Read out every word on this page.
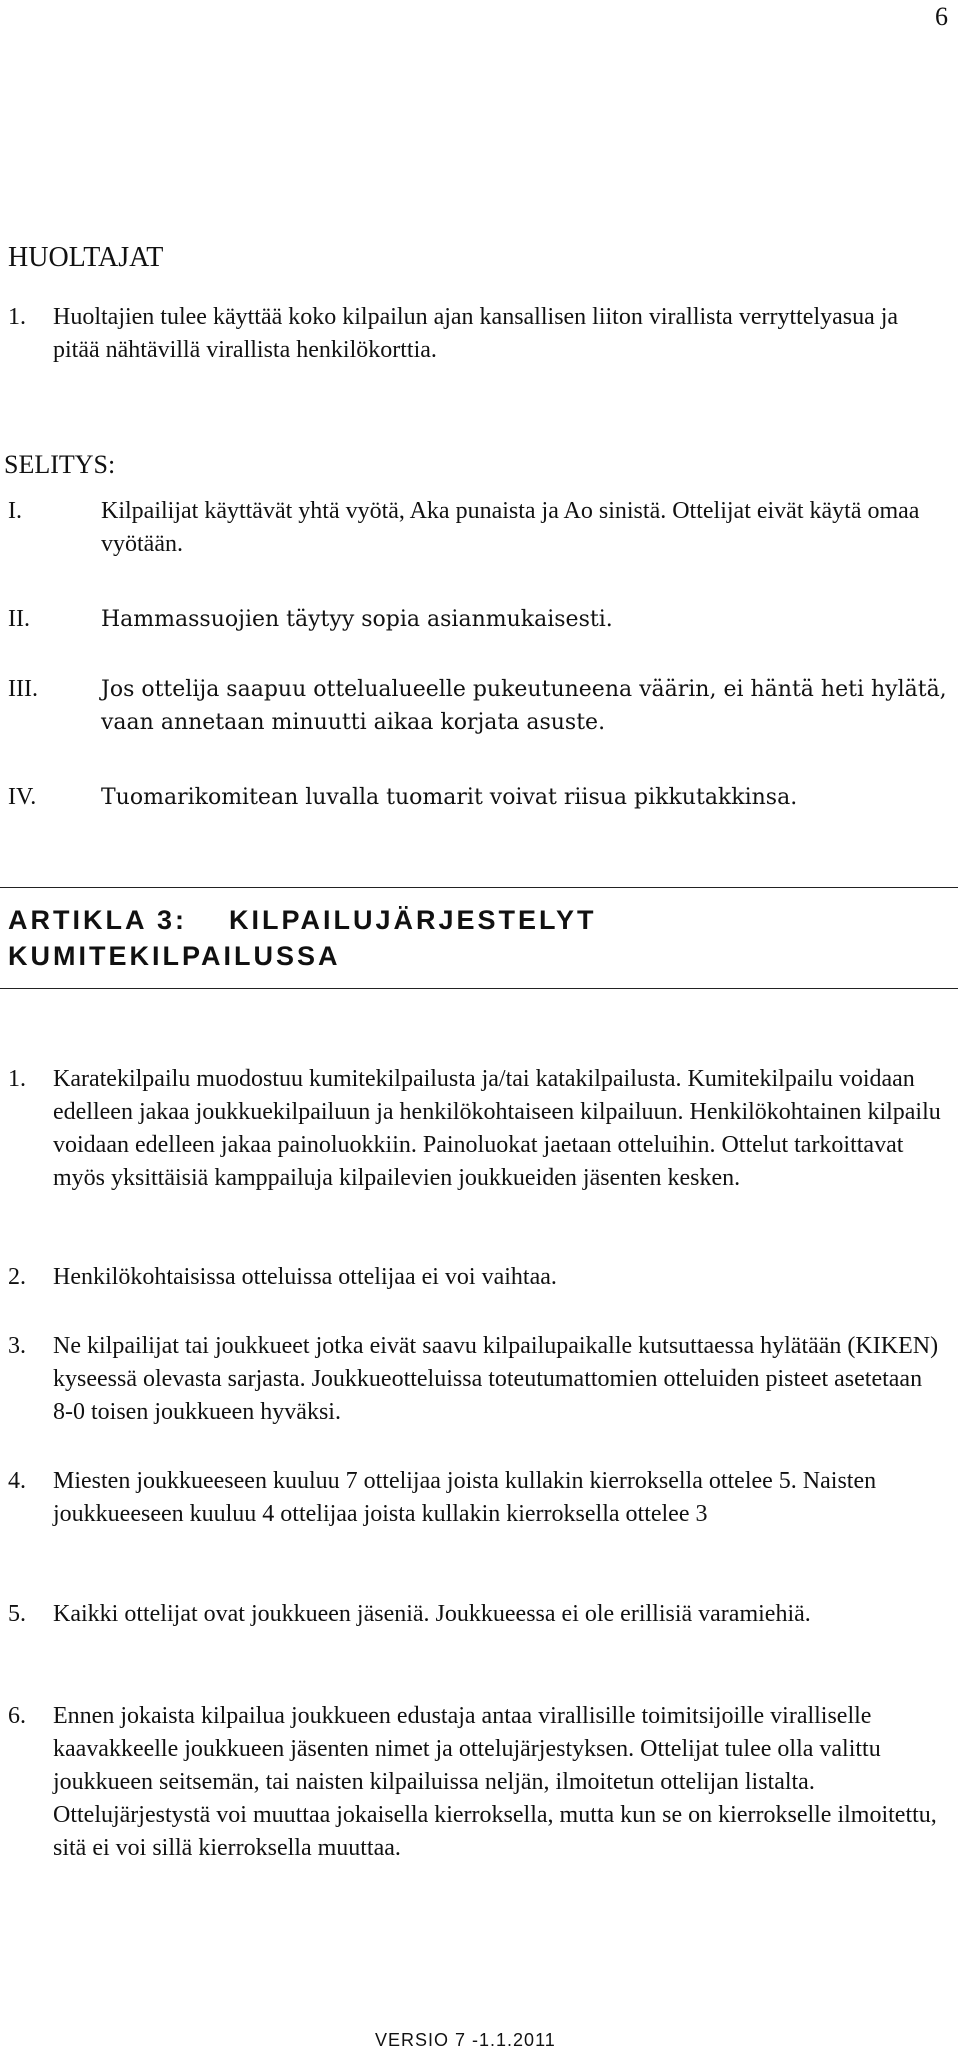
6
HUOLTAJAT
1. Huoltajien tulee käyttää koko kilpailun ajan kansallisen liiton virallista verryttelyasua ja pitää nähtävillä virallista henkilökorttia.
SELITYS:
I.	Kilpailijat käyttävät yhtä vyötä, Aka punaista ja Ao sinistä. Ottelijat eivät käytä omaa vyötään.
II.	Hammassuojien täytyy sopia asianmukaisesti.
III.	Jos ottelija saapuu ottelualueelle pukeutuneena väärin, ei häntä heti hylätä, vaan annetaan minuutti aikaa korjata asuste.
IV.	Tuomarikomitean luvalla tuomarit voivat riisua pikkutakkinsa.
ARTIKLA 3:    KILPAILUJÄRJESTELYT
KUMITEKILPAILUSSA
1. Karatekilpailu muodostuu kumitekilpailusta ja/tai katakilpailusta. Kumitekilpailu voidaan edelleen jakaa joukkuekilpailuun ja henkilökohtaiseen kilpailuun. Henkilökohtainen kilpailu voidaan edelleen jakaa painoluokkiin. Painoluokat jaetaan otteluihin. Ottelut tarkoittavat myös yksittäisiä kamppailuja kilpailevien joukkueiden jäsenten kesken.
2. Henkilökohtaisissa otteluissa ottelijaa ei voi vaihtaa.
3. Ne kilpailijat tai joukkueet jotka eivät saavu kilpailupaikalle kutsuttaessa hylätään (KIKEN) kyseessä olevasta sarjasta. Joukkueotteluissa toteutumattomien otteluiden pisteet asetetaan 8-0 toisen joukkueen hyväksi.
4. Miesten joukkueeseen kuuluu 7 ottelijaa joista kullakin kierroksella ottelee 5. Naisten joukkueeseen kuuluu 4 ottelijaa joista kullakin kierroksella ottelee 3
5. Kaikki ottelijat ovat joukkueen jäseniä. Joukkueessa ei ole erillisiä varamiehiä.
6. Ennen jokaista kilpailua joukkueen edustaja antaa virallisille toimitsijoille viralliselle kaavakkeelle joukkueen jäsenten nimet ja ottelujärjestyksen. Ottelijat tulee olla valittu joukkueen seitsemän, tai naisten kilpailuissa neljän, ilmoitetun ottelijan listalta. Ottelujärjestystä voi muuttaa jokaisella kierroksella, mutta kun se on kierrokselle ilmoitettu, sitä ei voi sillä kierroksella muuttaa.
VERSIO 7 -1.1.2011
